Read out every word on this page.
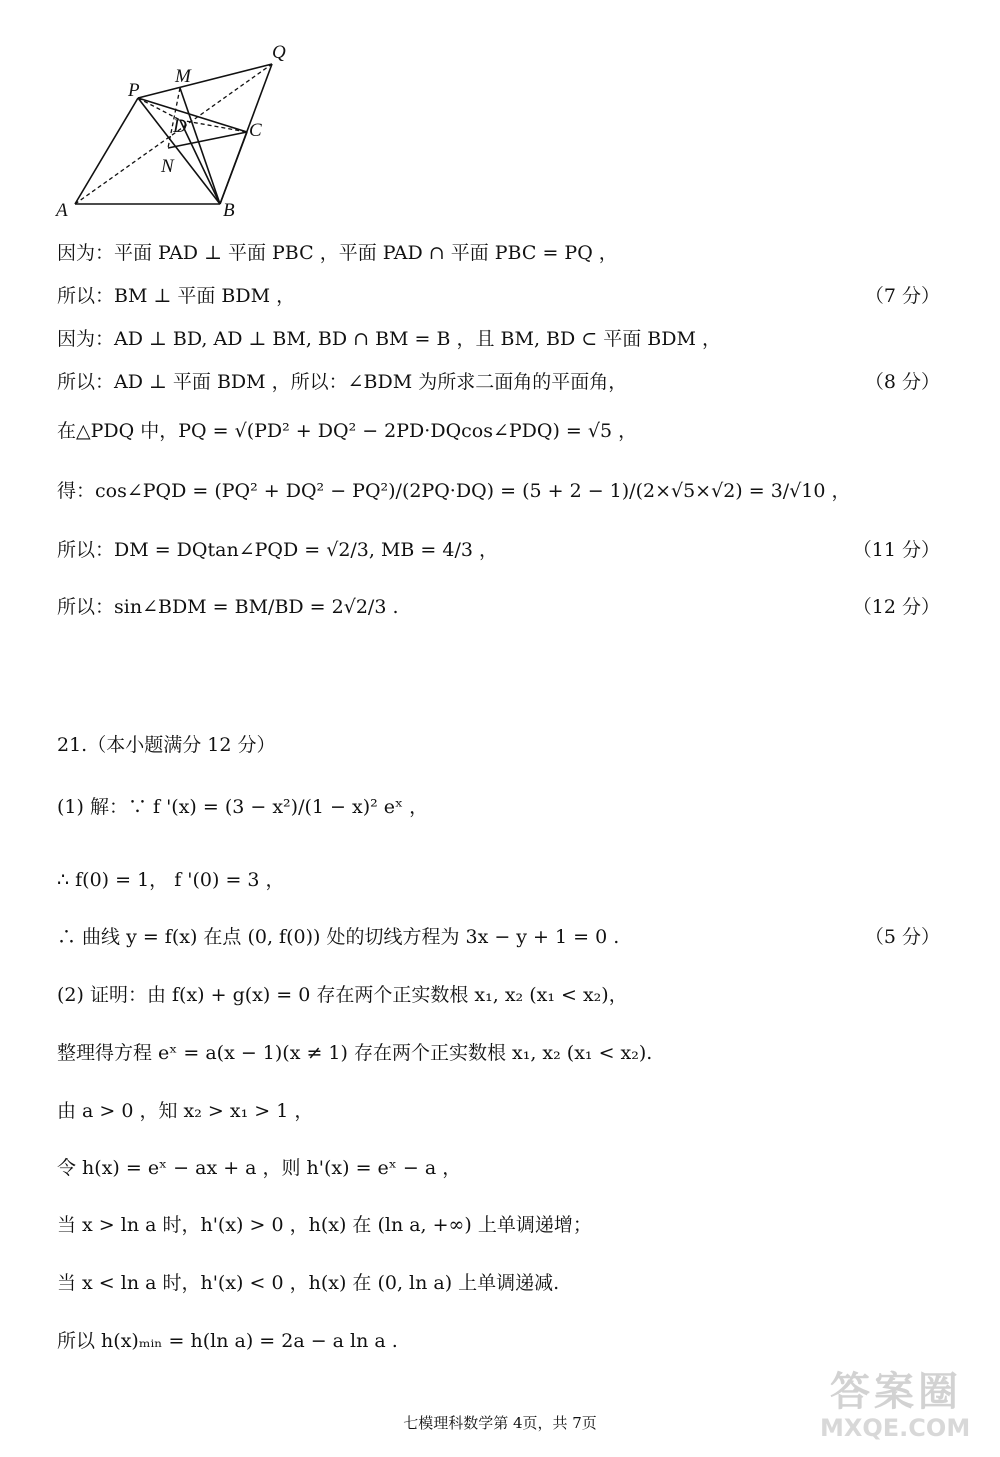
Q
M
P
D	C
N
A	B
因为：平面 PAD ⊥ 平面 PBC ，平面 PAD ∩ 平面 PBC = PQ ，
所以：BM ⊥ 平面 BDM ，	（7 分）
因为：AD ⊥ BD, AD ⊥ BM, BD ∩ BM = B ，且 BM, BD ⊂ 平面 BDM ，
所以：AD ⊥ 平面 BDM ，所以：∠BDM 为所求二面角的平面角，	（8 分）
在△PDQ 中，PQ = √(PD² + DQ² − 2PD·DQcos∠PDQ) = √5 ，
得：cos∠PQD = (PQ² + DQ² − PQ²)/(2PQ·DQ) = (5 + 2 − 1)/(2×√5×√2) = 3/√10 ，
所以：DM = DQtan∠PQD = √2/3, MB = 4/3 ，	（11 分）
所以：sin∠BDM = BM/BD = 2√2/3 .	（12 分）
21.（本小题满分 12 分）
(1) 解：∵ f '(x) = (3 − x²)/(1 − x)² eˣ ，
∴ f(0) = 1， f '(0) = 3 ，
∴ 曲线 y = f(x) 在点 (0, f(0)) 处的切线方程为 3x − y + 1 = 0 .	（5 分）
(2) 证明：由 f(x) + g(x) = 0 存在两个正实数根 x₁, x₂ (x₁ < x₂)，
整理得方程 eˣ = a(x − 1)(x ≠ 1) 存在两个正实数根 x₁, x₂ (x₁ < x₂).
由 a > 0 ，知 x₂ > x₁ > 1 ，
令 h(x) = eˣ − ax + a ，则 h'(x) = eˣ − a ，
当 x > ln a 时，h'(x) > 0 ，h(x) 在 (ln a, +∞) 上单调递增；
当 x < ln a 时，h'(x) < 0 ，h(x) 在 (0, ln a) 上单调递减.
所以 h(x)ₘᵢₙ = h(ln a) = 2a − a ln a .
七模理科数学第 4页，共 7页
答案圈
MXQE.COM
